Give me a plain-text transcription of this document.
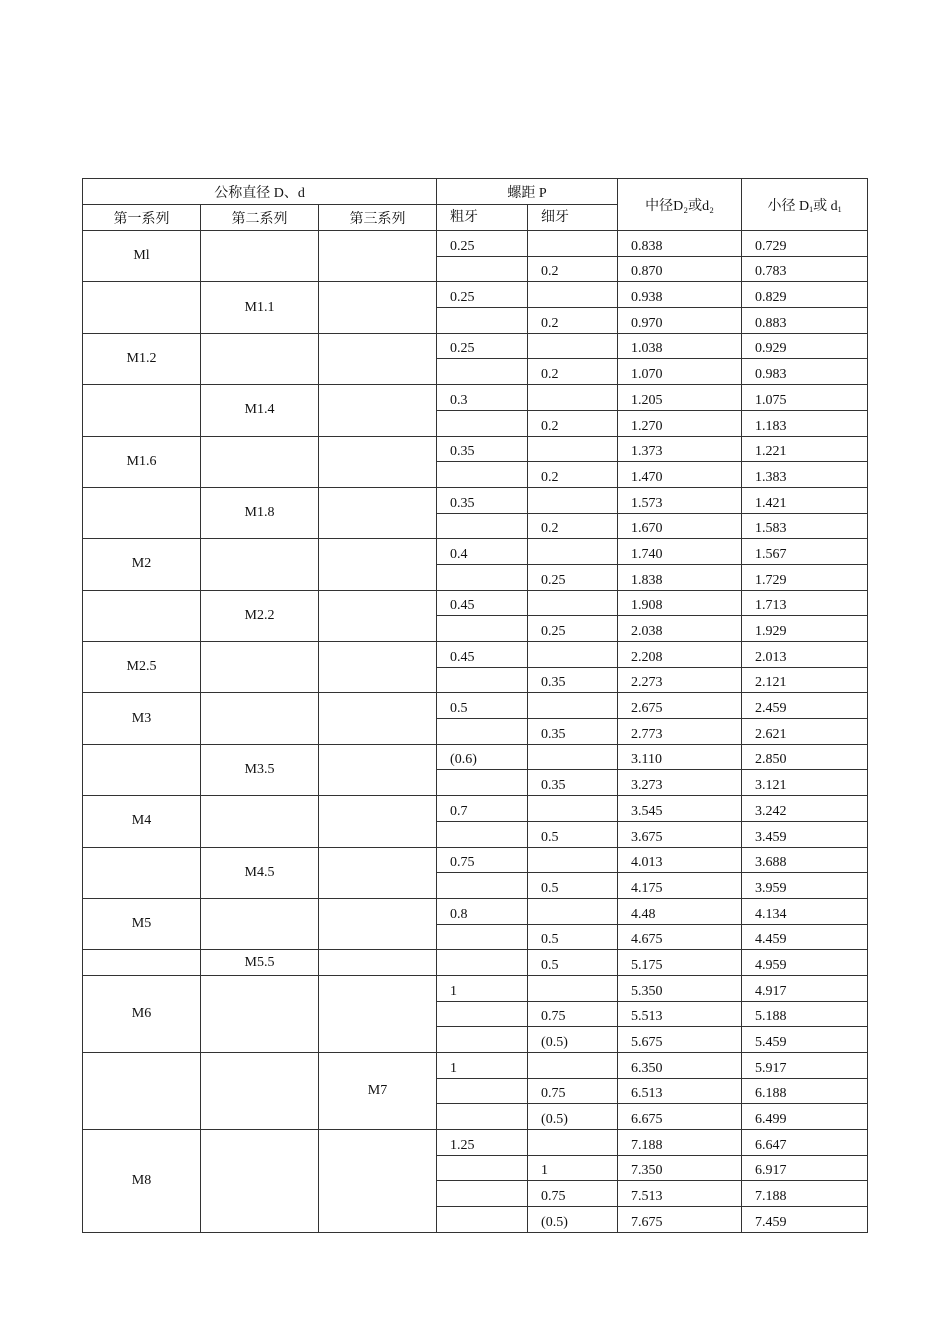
公称直径 D、d			螺距 P		中径D₂或d₂	小径 D1或 d1
第一系列	第二系列	第三系列	粗牙	细牙		
Ml			0.25		0.838	0.729
				0.2	0.870	0.783
	M1.1		0.25		0.938	0.829
				0.2	0.970	0.883
M1.2			0.25		1.038	0.929
				0.2	1.070	0.983
	M1.4		0.3		1.205	1.075
				0.2	1.270	1.183
M1.6			0.35		1.373	1.221
				0.2	1.470	1.383
	M1.8		0.35		1.573	1.421
				0.2	1.670	1.583
M2			0.4		1.740	1.567
				0.25	1.838	1.729
	M2.2		0.45		1.908	1.713
				0.25	2.038	1.929
M2.5			0.45		2.208	2.013
				0.35	2.273	2.121
M3			0.5		2.675	2.459
				0.35	2.773	2.621
	M3.5		(0.6)		3.110	2.850
				0.35	3.273	3.121
M4			0.7		3.545	3.242
				0.5	3.675	3.459
	M4.5		0.75		4.013	3.688
				0.5	4.175	3.959
M5			0.8		4.48	4.134
				0.5	4.675	4.459
	M5.5			0.5	5.175	4.959
M6			1		5.350	4.917
				0.75	5.513	5.188
				(0.5)	5.675	5.459
		M7	1		6.350	5.917
				0.75	6.513	6.188
				(0.5)	6.675	6.499
M8			1.25		7.188	6.647
				1	7.350	6.917
				0.75	7.513	7.188
				(0.5)	7.675	7.459
